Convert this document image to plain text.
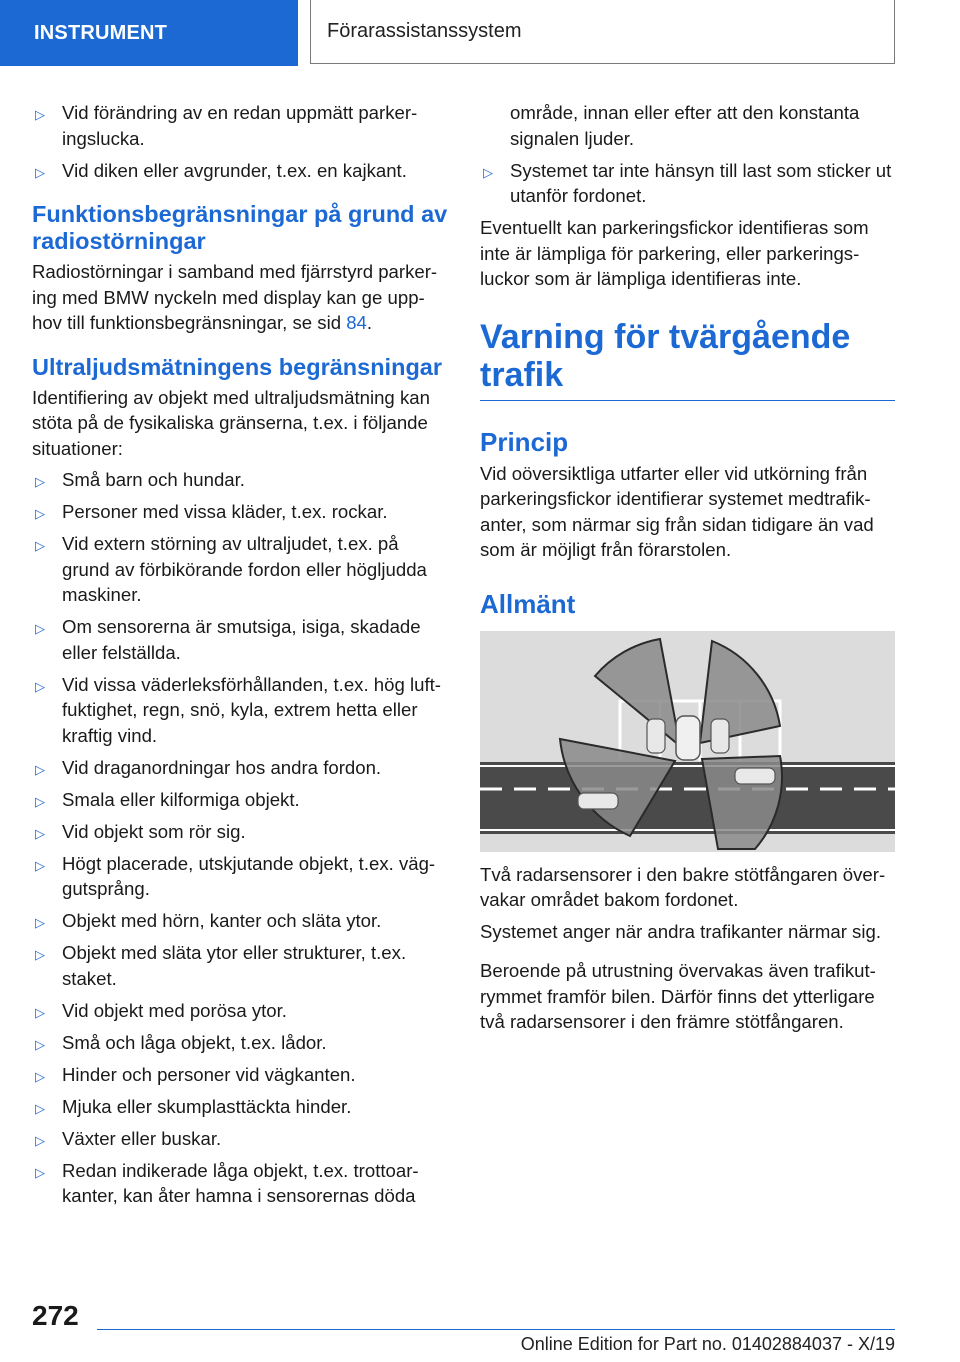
INSTRUMENT	Förarassistanssystem
▷ Vid förändring av en redan uppmätt parker-ingslucka.
▷ Vid diken eller avgrunder, t.ex. en kajkant.
Funktionsbegränsningar på grund av radiostörningar

Radiostörningar i samband med fjärrstyrd parker-ing med BMW nyckeln med display kan ge upp-hov till funktionsbegränsningar, se sid 84.

Ultraljudsmätningens begränsningar

Identifiering av objekt med ultraljudsmätning kan stöta på de fysikaliska gränserna, t.ex. i följande situationer:

▷ Små barn och hundar.
▷ Personer med vissa kläder, t.ex. rockar.
▷ Vid extern störning av ultraljudet, t.ex. på grund av förbikörande fordon eller högljudda maskiner.
▷ Om sensorerna är smutsiga, isiga, skadade eller felställda.
▷ Vid vissa väderleksförhållanden, t.ex. hög luft-fuktighet, regn, snö, kyla, extrem hetta eller kraftig vind.
▷ Vid draganordningar hos andra fordon.
▷ Smala eller kilformiga objekt.
▷ Vid objekt som rör sig.
▷ Högt placerade, utskjutande objekt, t.ex. väg-gutsprång.
▷ Objekt med hörn, kanter och släta ytor.
▷ Objekt med släta ytor eller strukturer, t.ex. staket.
▷ Vid objekt med porösa ytor.
▷ Små och låga objekt, t.ex. lådor.
▷ Hinder och personer vid vägkanten.
▷ Mjuka eller skumplasttäckta hinder.
▷ Växter eller buskar.
▷ Redan indikerade låga objekt, t.ex. trottoar-kanter, kan åter hamna i sensorernas döda
område, innan eller efter att den konstanta signalen ljuder.
▷ Systemet tar inte hänsyn till last som sticker ut utanför fordonet.

Eventuellt kan parkeringsfickor identifieras som inte är lämpliga för parkering, eller parkerings-luckor som är lämpliga identifieras inte.

Varning för tvärgående trafik
Princip

Vid oöversiktliga utfarter eller vid utkörning från parkeringsfickor identifierar systemet medtrafik-anter, som närmar sig från sidan tidigare än vad som är möjligt från förarstolen.

Allmänt

Två radarsensorer i den bakre stötfångaren över-vakar området bakom fordonet.

Systemet anger när andra trafikanter närmar sig.

Beroende på utrustning övervakas även trafikut-rymmet framför bilen. Därför finns det ytterligare två radarsensorer i den främre stötfångaren.

272
Online Edition for Part no. 01402884037 - X/19
